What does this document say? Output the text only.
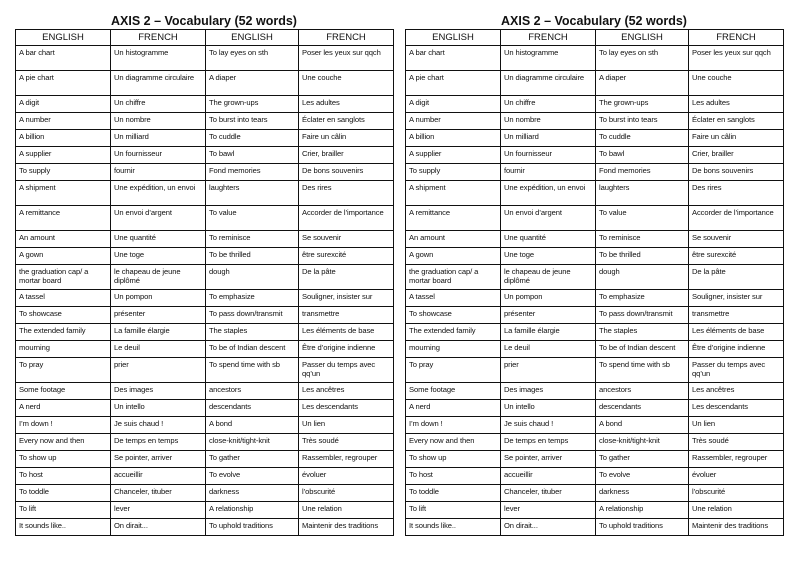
AXIS 2 – Vocabulary (52 words)
ENGLISH	FRENCH	ENGLISH	FRENCH
A bar chart	Un histogramme	To lay eyes on sth	Poser les yeux sur qqch
A pie chart	Un diagramme circulaire	A diaper	Une couche
A digit	Un chiffre	The grown-ups	Les adultes
A number	Un nombre	To burst into tears	Éclater en sanglots
A billion	Un milliard	To cuddle	Faire un câlin
A supplier	Un fournisseur	To bawl	Crier, brailler
To supply	fournir	Fond memories	De bons souvenirs
A shipment	Une expédition, un envoi	laughters	Des rires
A remittance	Un envoi d’argent	To value	Accorder de l’importance
An amount	Une quantité	To reminisce	Se souvenir
A gown	Une toge	To be thrilled	être surexcité
the graduation cap/ a mortar board	le chapeau de jeune diplômé	dough	De la pâte
A tassel	Un pompon	To emphasize	Souligner, insister sur
To showcase	présenter	To pass down/transmit	transmettre
The extended family	La famille élargie	The staples	Les éléments de base
mourning	Le deuil	To be of Indian descent	Être d’origine indienne
To pray	prier	To spend time with sb	Passer du temps avec qq’un
Some footage	Des images	ancestors	Les ancêtres
A nerd	Un intello	descendants	Les descendants
I’m down !	Je suis chaud !	A bond	Un lien
Every now and then	De temps en temps	close-knit/tight-knit	Très soudé
To show up	Se pointer, arriver	To gather	Rassembler, regrouper
To host	accueillir	To evolve	évoluer
To toddle	Chanceler, tituber	darkness	l’obscurité
To lift	lever	A relationship	Une relation
It sounds like..	On dirait...	To uphold traditions	Maintenir des traditions
AXIS 2 – Vocabulary (52 words)
ENGLISH	FRENCH	ENGLISH	FRENCH
A bar chart	Un histogramme	To lay eyes on sth	Poser les yeux sur qqch
A pie chart	Un diagramme circulaire	A diaper	Une couche
A digit	Un chiffre	The grown-ups	Les adultes
A number	Un nombre	To burst into tears	Éclater en sanglots
A billion	Un milliard	To cuddle	Faire un câlin
A supplier	Un fournisseur	To bawl	Crier, brailler
To supply	fournir	Fond memories	De bons souvenirs
A shipment	Une expédition, un envoi	laughters	Des rires
A remittance	Un envoi d’argent	To value	Accorder de l’importance
An amount	Une quantité	To reminisce	Se souvenir
A gown	Une toge	To be thrilled	être surexcité
the graduation cap/ a mortar board	le chapeau de jeune diplômé	dough	De la pâte
A tassel	Un pompon	To emphasize	Souligner, insister sur
To showcase	présenter	To pass down/transmit	transmettre
The extended family	La famille élargie	The staples	Les éléments de base
mourning	Le deuil	To be of Indian descent	Être d’origine indienne
To pray	prier	To spend time with sb	Passer du temps avec qq’un
Some footage	Des images	ancestors	Les ancêtres
A nerd	Un intello	descendants	Les descendants
I’m down !	Je suis chaud !	A bond	Un lien
Every now and then	De temps en temps	close-knit/tight-knit	Très soudé
To show up	Se pointer, arriver	To gather	Rassembler, regrouper
To host	accueillir	To evolve	évoluer
To toddle	Chanceler, tituber	darkness	l’obscurité
To lift	lever	A relationship	Une relation
It sounds like..	On dirait...	To uphold traditions	Maintenir des traditions
